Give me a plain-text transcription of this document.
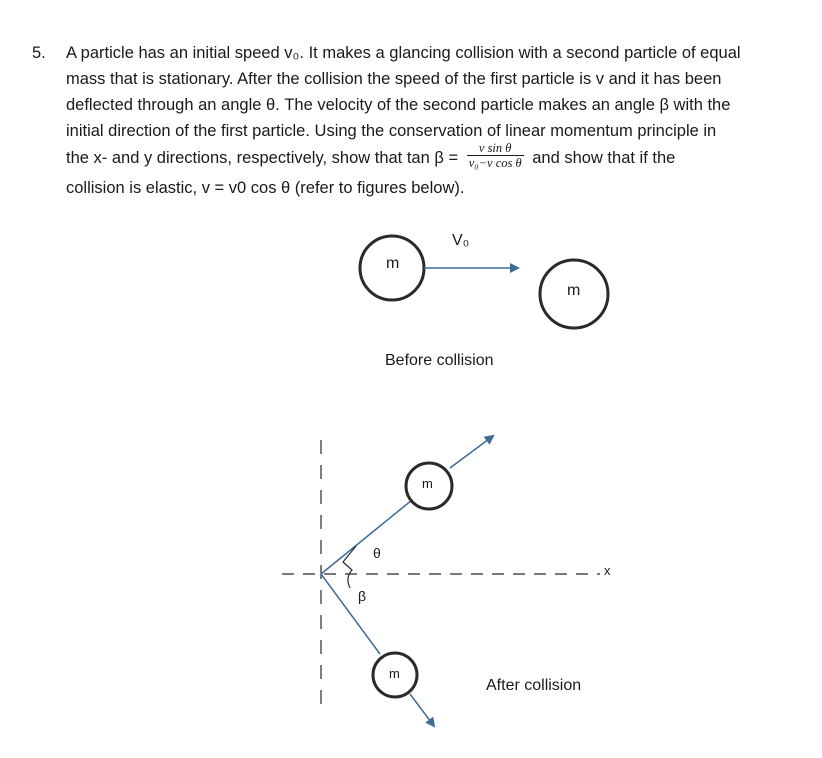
5. A particle has an initial speed v₀. It makes a glancing collision with a second particle of equal
mass that is stationary. After the collision the speed of the first particle is v and it has been
deflected through an angle θ. The velocity of the second particle makes an angle β with the
initial direction of the first particle. Using the conservation of linear momentum principle in
the x- and y directions, respectively, show that $\tan \beta = \frac{\text{v sin θ}}{\text{v₀−v cos θ}}$ and show that if the
collision is elastic, v = v0 cos θ (refer to figures below).
m
V₀
m
Before collision
m
m
θ
β
x
After collision
